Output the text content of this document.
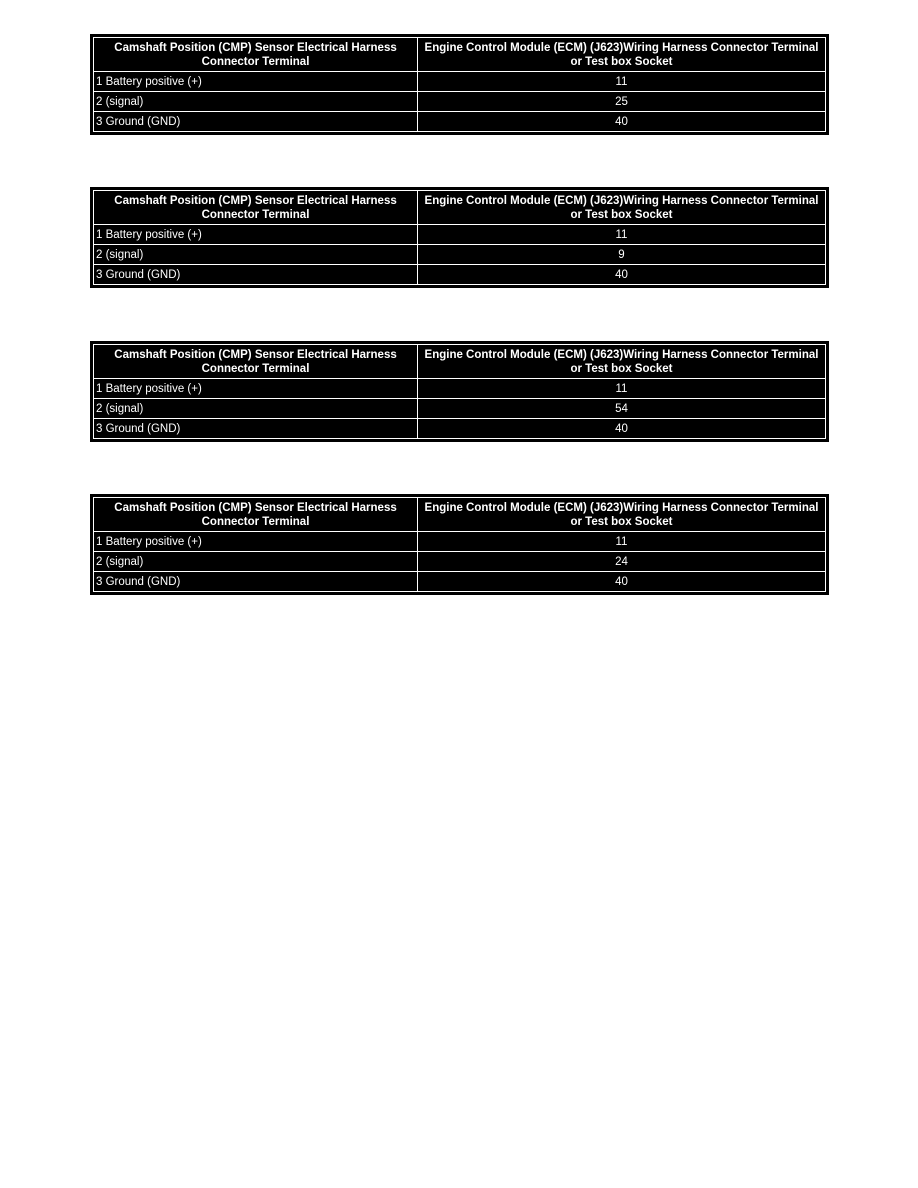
Camshaft Position (CMP) Sensor Electrical Harness Connector Terminal	Engine Control Module (ECM) (J623)Wiring Harness Connector Terminal or Test box Socket
1 Battery positive (+)	11
2 (signal)	25
3 Ground (GND)	40
Camshaft Position (CMP) Sensor Electrical Harness Connector Terminal	Engine Control Module (ECM) (J623)Wiring Harness Connector Terminal or Test box Socket
1 Battery positive (+)	11
2 (signal)	9
3 Ground (GND)	40
Camshaft Position (CMP) Sensor Electrical Harness Connector Terminal	Engine Control Module (ECM) (J623)Wiring Harness Connector Terminal or Test box Socket
1 Battery positive (+)	11
2 (signal)	54
3 Ground (GND)	40
Camshaft Position (CMP) Sensor Electrical Harness Connector Terminal	Engine Control Module (ECM) (J623)Wiring Harness Connector Terminal or Test box Socket
1 Battery positive (+)	11
2 (signal)	24
3 Ground (GND)	40
